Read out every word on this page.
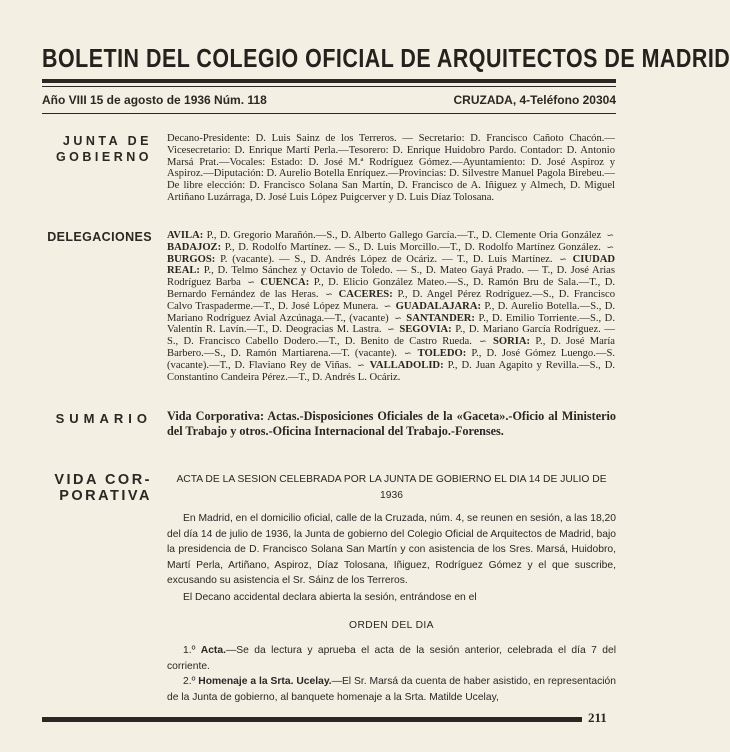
BOLETIN DEL COLEGIO OFICIAL DE ARQUITECTOS DE MADRID
Año VIII 15 de agosto de 1936 Núm. 118	CRUZADA, 4-Teléfono 20304
JUNTA DE
GOBIERNO
Decano-Presidente: D. Luis Sainz de los Terreros. — Secretario: D. Francisco Cañoto Chacón.—Vicesecretario: D. Enrique Martí Perla.—Tesorero: D. Enrique Huidobro Pardo. Contador: D. Antonio Marsá Prat.—Vocales: Estado: D. José M.ª Rodríguez Gómez.—Ayuntamiento: D. José Aspiroz y Aspiroz.—Diputación: D. Aurelio Botella Enríquez.—Provincias: D. Silvestre Manuel Pagola Birebeu.—De libre elección: D. Francisco Solana San Martín, D. Francisco de A. Iñiguez y Almech, D. Miguel Artiñano Luzárraga, D. José Luis López Puigcerver y D. Luis Díaz Tolosana.
DELEGACIONES AVILA: P., D. Gregorio Marañón.—S., D. Alberto Gallego García.—T., D. Clemente Oria González ∽ BADAJOZ: P., D. Rodolfo Martínez. — S., D. Luis Morcillo.—T., D. Rodolfo Martínez González. ∽ BURGOS: P. (vacante). — S., D. Andrés López de Ocáriz. — T., D. Luis Martínez. ∽ CIUDAD REAL: P., D. Telmo Sánchez y Octavio de Toledo. — S., D. Mateo Gayá Prado. — T., D. José Arias Rodríguez Barba ∽ CUENCA: P., D. Elicio González Mateo.—S., D. Ramón Bru de Sala.—T., D. Bernardo Fernández de las Heras. ∽ CACERES: P., D. Angel Pérez Rodríguez.—S., D. Francisco Calvo Traspaderme.—T., D. José López Munera. ∽ GUADALAJARA: P., D. Aurelio Botella.—S., D. Mariano Rodríguez Avial Azcúnaga.—T., (vacante) ∽ SANTANDER: P., D. Emilio Torriente.—S., D. Valentín R. Lavín.—T., D. Deogracias M. Lastra. ∽ SEGOVIA: P., D. Mariano García Rodríguez. — S., D. Francisco Cabello Dodero.—T., D. Benito de Castro Rueda. ∽ SORIA: P., D. José María Barbero.—S., D. Ramón Martiarena.—T. (vacante). ∽ TOLEDO: P., D. José Gómez Luengo.—S. (vacante).—T., D. Flaviano Rey de Viñas. ∽ VALLADOLID: P., D. Juan Agapito y Revilla.—S., D. Constantino Candeira Pérez.—T., D. Andrés L. Ocáriz.
SUMARIO Vida Corporativa: Actas.-Disposiciones Oficiales de la «Gaceta».-Oficio al Ministerio del Trabajo y otros.-Oficina Internacional del Trabajo.-Forenses.
VIDA COR-
PORATIVA
ACTA DE LA SESION CELEBRADA POR LA JUNTA DE GOBIERNO EL DIA 14 DE JULIO DE 1936
En Madrid, en el domicilio oficial, calle de la Cruzada, núm. 4, se reunen en sesión, a las 18,20 del día 14 de julio de 1936, la Junta de gobierno del Colegio Oficial de Arquitectos de Madrid, bajo la presidencia de D. Francisco Solana San Martín y con asistencia de los Sres. Marsá, Huidobro, Martí Perla, Artiñano, Aspiroz, Díaz Tolosana, Iñiguez, Rodríguez Gómez y el que suscribe, excusando su asistencia el Sr. Sáinz de los Terreros.
El Decano accidental declara abierta la sesión, entrándose en el
ORDEN DEL DIA
1.º Acta.—Se da lectura y aprueba el acta de la sesión anterior, celebrada el día 7 del corriente.
2.º Homenaje a la Srta. Ucelay.—El Sr. Marsá da cuenta de haber asistido, en representación de la Junta de gobierno, al banquete homenaje a la Srta. Matilde Ucelay,
211
